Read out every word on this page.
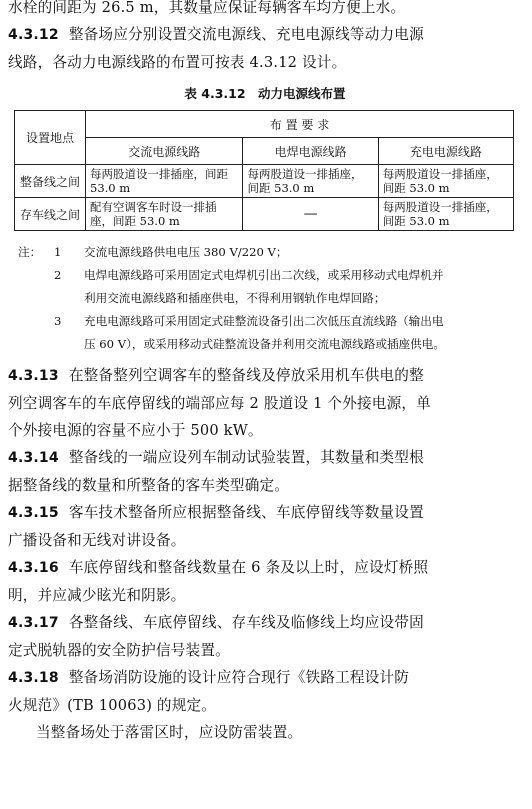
水栓的间距为 26.5 m，其数量应保证每辆客车均方便上水。

4.3.12 整备场应分别设置交流电源线、充电电源线等动力电源

线路，各动力电源线路的布置可按表 4.3.12 设计。

表 4.3.12　动力电源线布置
设置地点	布 置 要 求		
	交流电源线路	电焊电源线路	充电电源线路
整备线之间	每两股道设一排插座，间距 53.0 m	每两股道设一排插座，间距 53.0 m	每两股道设一排插座，间距 53.0 m
存车线之间	配有空调客车时设一排插座，间距 53.0 m	—	每两股道设一排插座，间距 53.0 m
注：	1	交流电源线路供电电压 380 V/220 V；
2	电焊电源线路可采用固定式电焊机引出二次线，或采用移动式电焊机并
利用交流电源线路和插座供电，不得利用钢轨作电焊回路；
3	充电电源线路可采用固定式硅整流设备引出二次低压直流线路（输出电
压 60 V），或采用移动式硅整流设备并利用交流电源线路或插座供电。

4.3.13 在整备整列空调客车的整备线及停放采用机车供电的整

列空调客车的车底停留线的端部应每 2 股道设 1 个外接电源，单

个外接电源的容量不应小于 500 kW。

4.3.14 整备线的一端应设列车制动试验装置，其数量和类型根

据整备线的数量和所整备的客车类型确定。

4.3.15 客车技术整备所应根据整备线、车底停留线等数量设置

广播设备和无线对讲设备。

4.3.16 车底停留线和整备线数量在 6 条及以上时，应设灯桥照

明，并应减少眩光和阴影。

4.3.17 各整备线、车底停留线、存车线及临修线上均应设带固

定式脱轨器的安全防护信号装置。

4.3.18 整备场消防设施的设计应符合现行《铁路工程设计防

火规范》(TB 10063) 的规定。

当整备场处于落雷区时，应设防雷装置。
